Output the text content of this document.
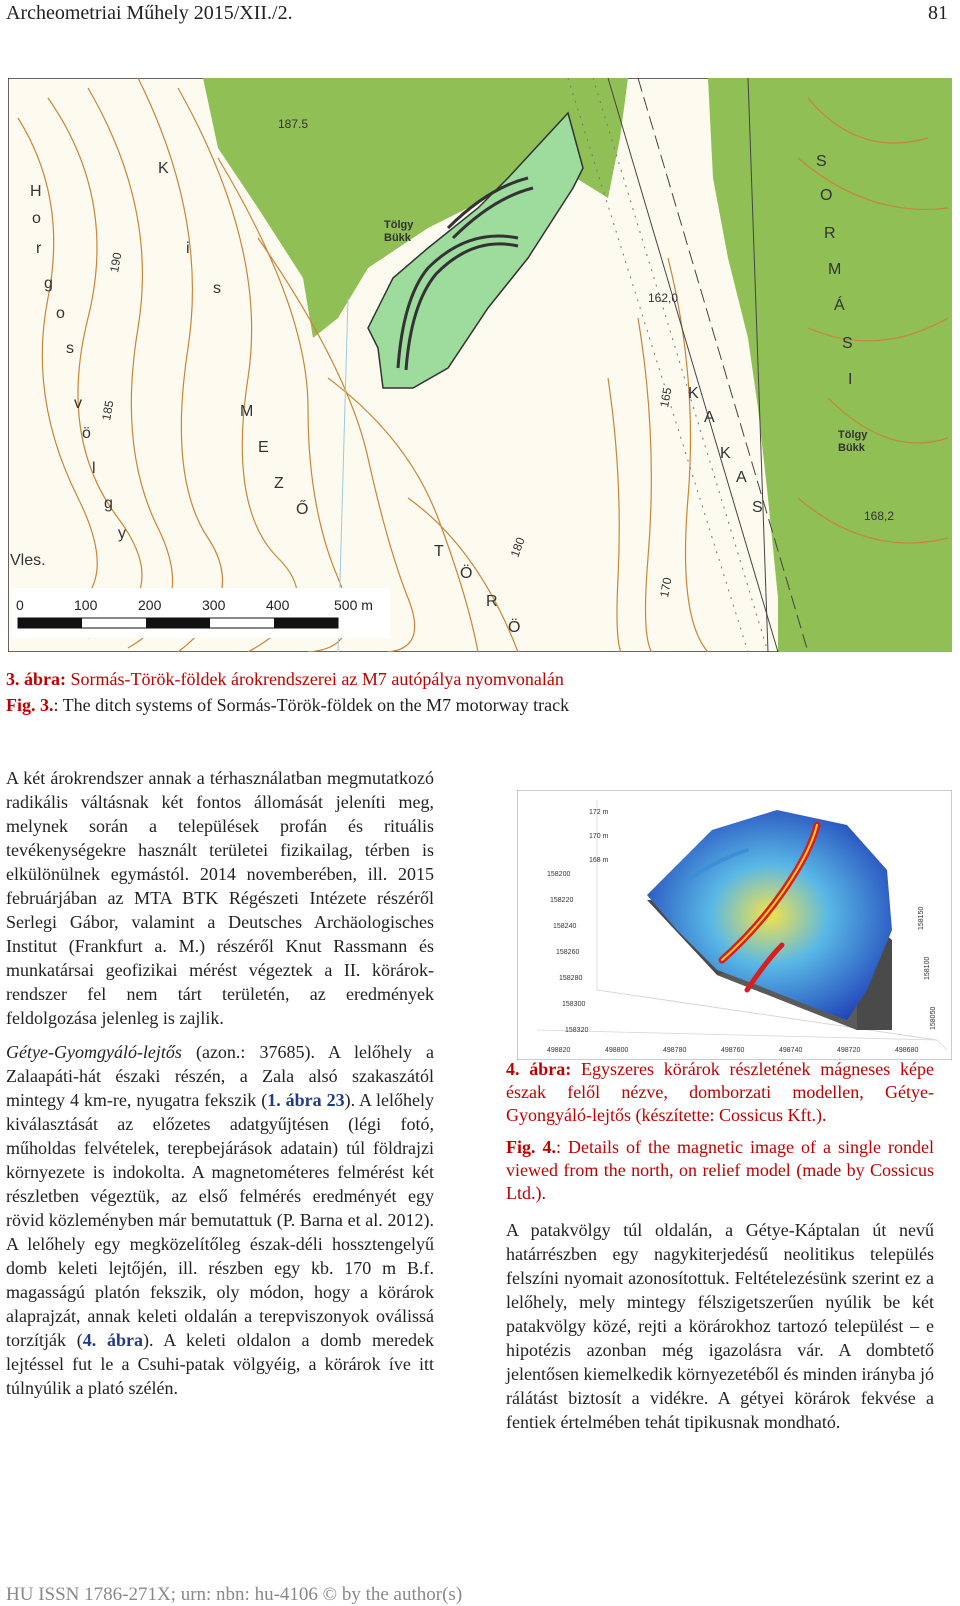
Archeometriai Műhely 2015/XII./2.	81
187.5
162,0
168,2
190
185
180
165
170
Vles.
Tölgy
Bükk
Tölgy
Bükk
H
o
r
g
o
s
v
ö
l
g
y
K
i
s
M
E
Z
Ő
T
Ö
R
Ö
S
O
R
M
Á
S
I
K
A
K
A
S
0	100	200	300	400	500 m
3. ábra: Sormás-Török-földek árokrendszerei az M7 autópálya nyomvonalán
Fig. 3.: The ditch systems of Sormás-Török-földek on the M7 motorway track

A két árokrendszer annak a térhasználatban megmutatkozó radikális váltásnak két fontos állomását jeleníti meg, melynek során a települések profán és rituális tevékenységekre használt területei fizikailag, térben is elkülönülnek egymástól. 2014 novemberében, ill. 2015 februárjában az MTA BTK Régészeti Intézete részéről Serlegi Gábor, valamint a Deutsches Archäologisches Institut (Frankfurt a. M.) részéről Knut Rassmann és munkatársai geofizikai mérést végeztek a II. körárok-rendszer fel nem tárt területén, az eredmények feldolgozása jelenleg is zajlik.

Gétye-Gyomgyáló-lejtős (azon.: 37685). A lelőhely a Zalaapáti-hát északi részén, a Zala alsó szakaszától mintegy 4 km-re, nyugatra fekszik (1. ábra 23). A lelőhely kiválasztását az előzetes adatgyűjtésen (légi fotó, műholdas felvételek, terepbejárások adatain) túl földrajzi környezete is indokolta. A magnetométeres felmérést két részletben végeztük, az első felmérés eredményét egy rövid közleményben már bemutattuk (P. Barna et al. 2012). A lelőhely egy megközelítőleg észak-déli hossztengelyű domb keleti lejtőjén, ill. részben egy kb. 170 m B.f. magasságú platón fekszik, oly módon, hogy a körárok alaprajzát, annak keleti oldalán a terepviszonyok oválissá torzítják (4. ábra). A keleti oldalon a domb meredek lejtéssel fut le a Csuhi-patak völgyéig, a körárok íve itt túlnyúlik a plató szélén.

172 m
170 m
168 m
158200
158220
158240
158260
158280
158300
158320
498820	498800	498780	498760	498740	498720	498680
158050
158100
158150
4. ábra: Egyszeres körárok részletének mágneses képe észak felől nézve, domborzati modellen, Gétye-Gyongyáló-lejtős (készítette: Cossicus Kft.).
Fig. 4.: Details of the magnetic image of a single rondel viewed from the north, on relief model (made by Cossicus Ltd.).

A patakvölgy túl oldalán, a Gétye-Káptalan út nevű határrészben egy nagykiterjedésű neolitikus település felszíni nyomait azonosítottuk. Feltételezésünk szerint ez a lelőhely, mely mintegy félszigetszerűen nyúlik be két patakvölgy közé, rejti a körárokhoz tartozó települést – e hipotézis azonban még igazolásra vár. A dombtető jelentősen kiemelkedik környezetéből és minden irányba jó rálátást biztosít a vidékre. A gétyei körárok fekvése a fentiek értelmében tehát tipikusnak mondható.

HU ISSN 1786-271X; urn: nbn: hu-4106 © by the author(s)
